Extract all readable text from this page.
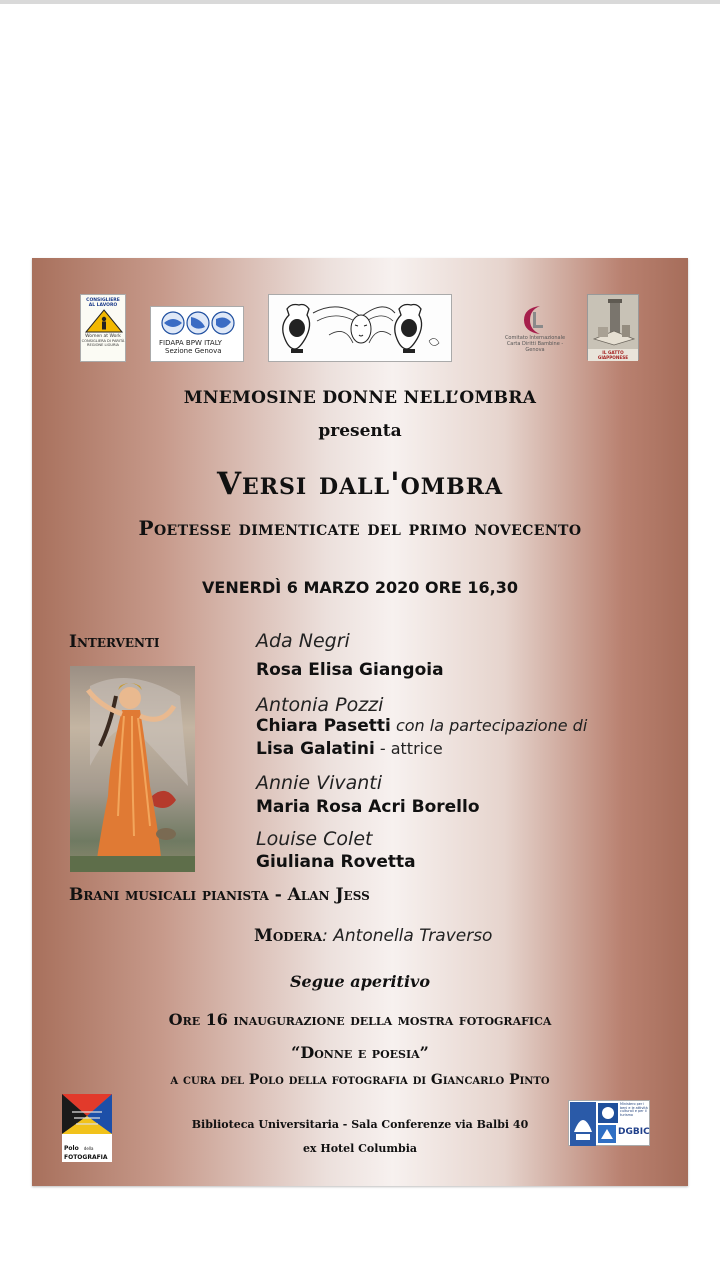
CONSIGLIERE
AL LAVORO
Women at Work
CONSIGLIERA DI PARITÀ
REGIONE LIGURIA	FIDAPA BPW ITALY
Sezione Genova
Comitato Internazionale Carta Diritti Bambine - Genova	IL GATTO GIAPPONESE
MNEMOSINE DONNE NELL’OMBRA
presenta
Versi dall'ombra
Poetesse dimenticate del primo novecento
VENERDÌ 6 MARZO 2020 ORE 16,30
Interventi	Ada Negri
Rosa Elisa Giangoia
Antonia Pozzi
Chiara Pasetti con la partecipazione di
Lisa Galatini - attrice
Annie Vivanti
Maria Rosa Acri Borello
Louise Colet
Giuliana Rovetta
Brani musicali pianista - Alan Jess
Modera: Antonella Traverso
Segue aperitivo
Ore 16 inaugurazione della mostra fotografica
“Donne e poesia”
a cura del Polo della fotografia di Giancarlo Pinto
Polo della
FOTOGRAFIA
Biblioteca Universitaria - Sala Conferenze via Balbi 40
ex Hotel Columbia
Ministero per i beni e le attività culturali e per il turismo
DGBIC
